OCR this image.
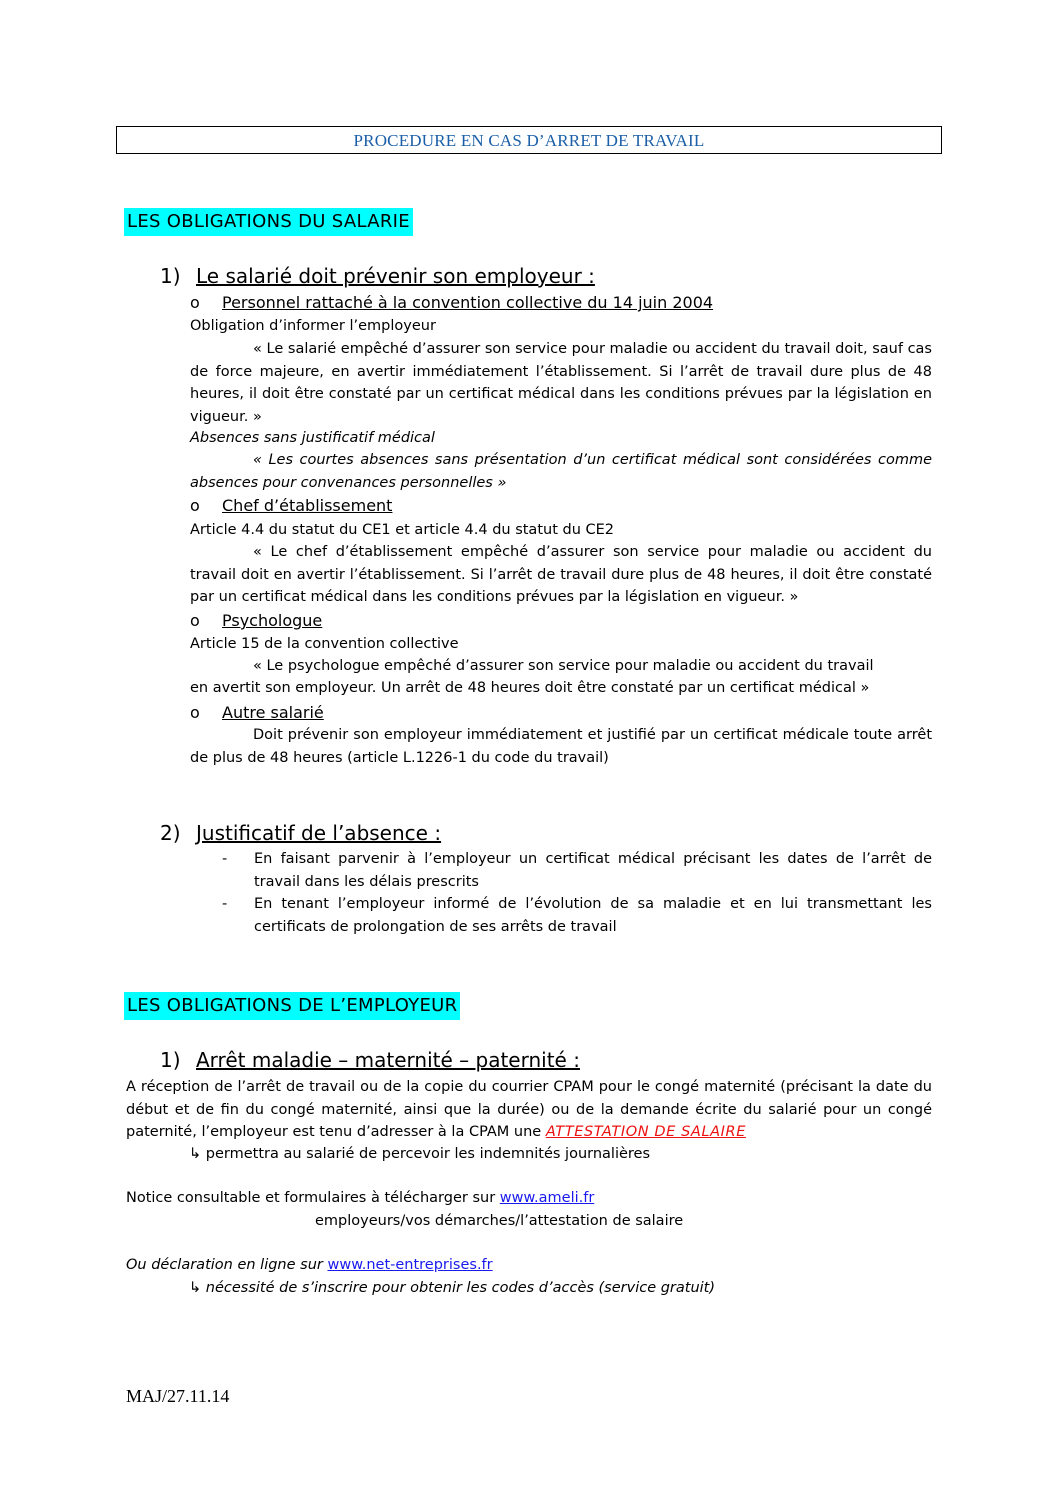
PROCEDURE EN CAS D’ARRET DE TRAVAIL
LES OBLIGATIONS DU SALARIE
1) Le salarié doit prévenir son employeur :
o Personnel rattaché à la convention collective du 14 juin 2004
Obligation d’informer l’employeur
« Le salarié empêché d’assurer son service pour maladie ou accident du travail doit, sauf cas de force majeure, en avertir immédiatement l’établissement. Si l’arrêt de travail dure plus de 48 heures, il doit être constaté par un certificat médical dans les conditions prévues par la législation en vigueur. »
Absences sans justificatif médical
« Les courtes absences sans présentation d’un certificat médical sont considérées comme absences pour convenances personnelles »
o Chef d’établissement
Article 4.4 du statut du CE1 et article 4.4 du statut du CE2
« Le chef d’établissement empêché d’assurer son service pour maladie ou accident du travail doit en avertir l’établissement. Si l’arrêt de travail dure plus de 48 heures, il doit être constaté par un certificat médical dans les conditions prévues par la législation en vigueur. »
o Psychologue
Article 15 de la convention collective
« Le psychologue empêché d’assurer son service pour maladie ou accident du travail
en avertit son employeur. Un arrêt de 48 heures doit être constaté par un certificat médical »
o Autre salarié
Doit prévenir son employeur immédiatement et justifié par un certificat médicale toute arrêt de plus de 48 heures (article L.1226-1 du code du travail)
2) Justificatif de l’absence :
- En faisant parvenir à l’employeur un certificat médical précisant les dates de l’arrêt de travail dans les délais prescrits
- En tenant l’employeur informé de l’évolution de sa maladie et en lui transmettant les certificats de prolongation de ses arrêts de travail
LES OBLIGATIONS DE L’EMPLOYEUR
1) Arrêt maladie – maternité – paternité :
A réception de l’arrêt de travail ou de la copie du courrier CPAM pour le congé maternité (précisant la date du début et de fin du congé maternité, ainsi que la durée) ou de la demande écrite du salarié pour un congé paternité, l’employeur est tenu d’adresser à la CPAM une ATTESTATION DE SALAIRE
↳ permettra au salarié de percevoir les indemnités journalières
Notice consultable et formulaires à télécharger sur www.ameli.fr
employeurs/vos démarches/l’attestation de salaire
Ou déclaration en ligne sur www.net-entreprises.fr
↳ nécessité de s’inscrire pour obtenir les codes d’accès (service gratuit)
MAJ/27.11.14
